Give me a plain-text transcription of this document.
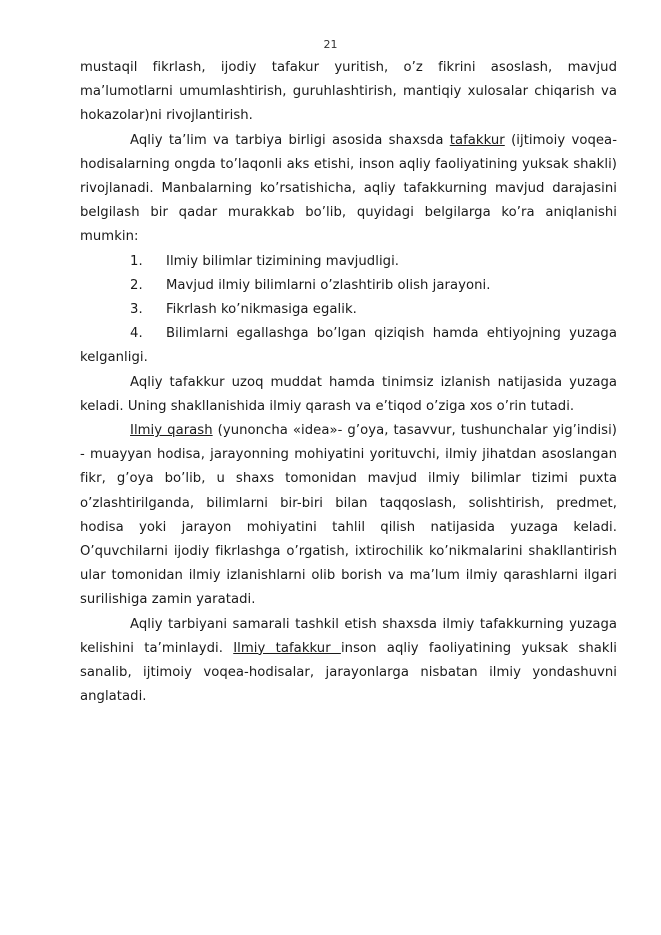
21

mustaqil fikrlash, ijodiy tafakur yuritish, o’z fikrini asoslash, mavjud ma’lumotlarni umumlashtirish, guruhlashtirish, mantiqiy xulosalar chiqarish va hokazolar)ni rivojlantirish.

Aqliy ta’lim va tarbiya birligi asosida shaxsda tafakkur (ijtimoiy voqea-hodisalarning ongda to’laqonli aks etishi, inson aqliy faoliyatining yuksak shakli) rivojlanadi. Manbalarning ko’rsatishicha, aqliy tafakkurning mavjud darajasini belgilash bir qadar murakkab bo’lib, quyidagi belgilarga ko’ra aniqlanishi mumkin:

1.	Ilmiy bilimlar tizimining mavjudligi.
2.	Mavjud ilmiy bilimlarni o’zlashtirib olish jarayoni.
3.	Fikrlash ko’nikmasiga egalik.

4. Bilimlarni egallashga bo’lgan qiziqish hamda ehtiyojning yuzaga kelganligi.

Aqliy tafakkur uzoq muddat hamda tinimsiz izlanish natijasida yuzaga keladi. Uning shakllanishida ilmiy qarash va e’tiqod o’ziga xos o’rin tutadi.

Ilmiy qarash (yunoncha «idea»- g’oya, tasavvur, tushunchalar yig’indisi) - muayyan hodisa, jarayonning mohiyatini yorituvchi, ilmiy jihatdan asoslangan fikr, g’oya bo’lib, u shaxs tomonidan mavjud ilmiy bilimlar tizimi puxta o’zlashtirilganda, bilimlarni bir-biri bilan taqqoslash, solishtirish, predmet, hodisa yoki jarayon mohiyatini tahlil qilish natijasida yuzaga keladi. O’quvchilarni ijodiy fikrlashga o’rgatish, ixtirochilik ko’nikmalarini shakllantirish ular tomonidan ilmiy izlanishlarni olib borish va ma’lum ilmiy qarashlarni ilgari surilishiga zamin yaratadi.

Aqliy tarbiyani samarali tashkil etish shaxsda ilmiy tafakkurning yuzaga kelishini ta’minlaydi. Ilmiy tafakkur inson aqliy faoliyatining yuksak shakli sanalib, ijtimoiy voqea-hodisalar, jarayonlarga nisbatan ilmiy yondashuvni anglatadi.
